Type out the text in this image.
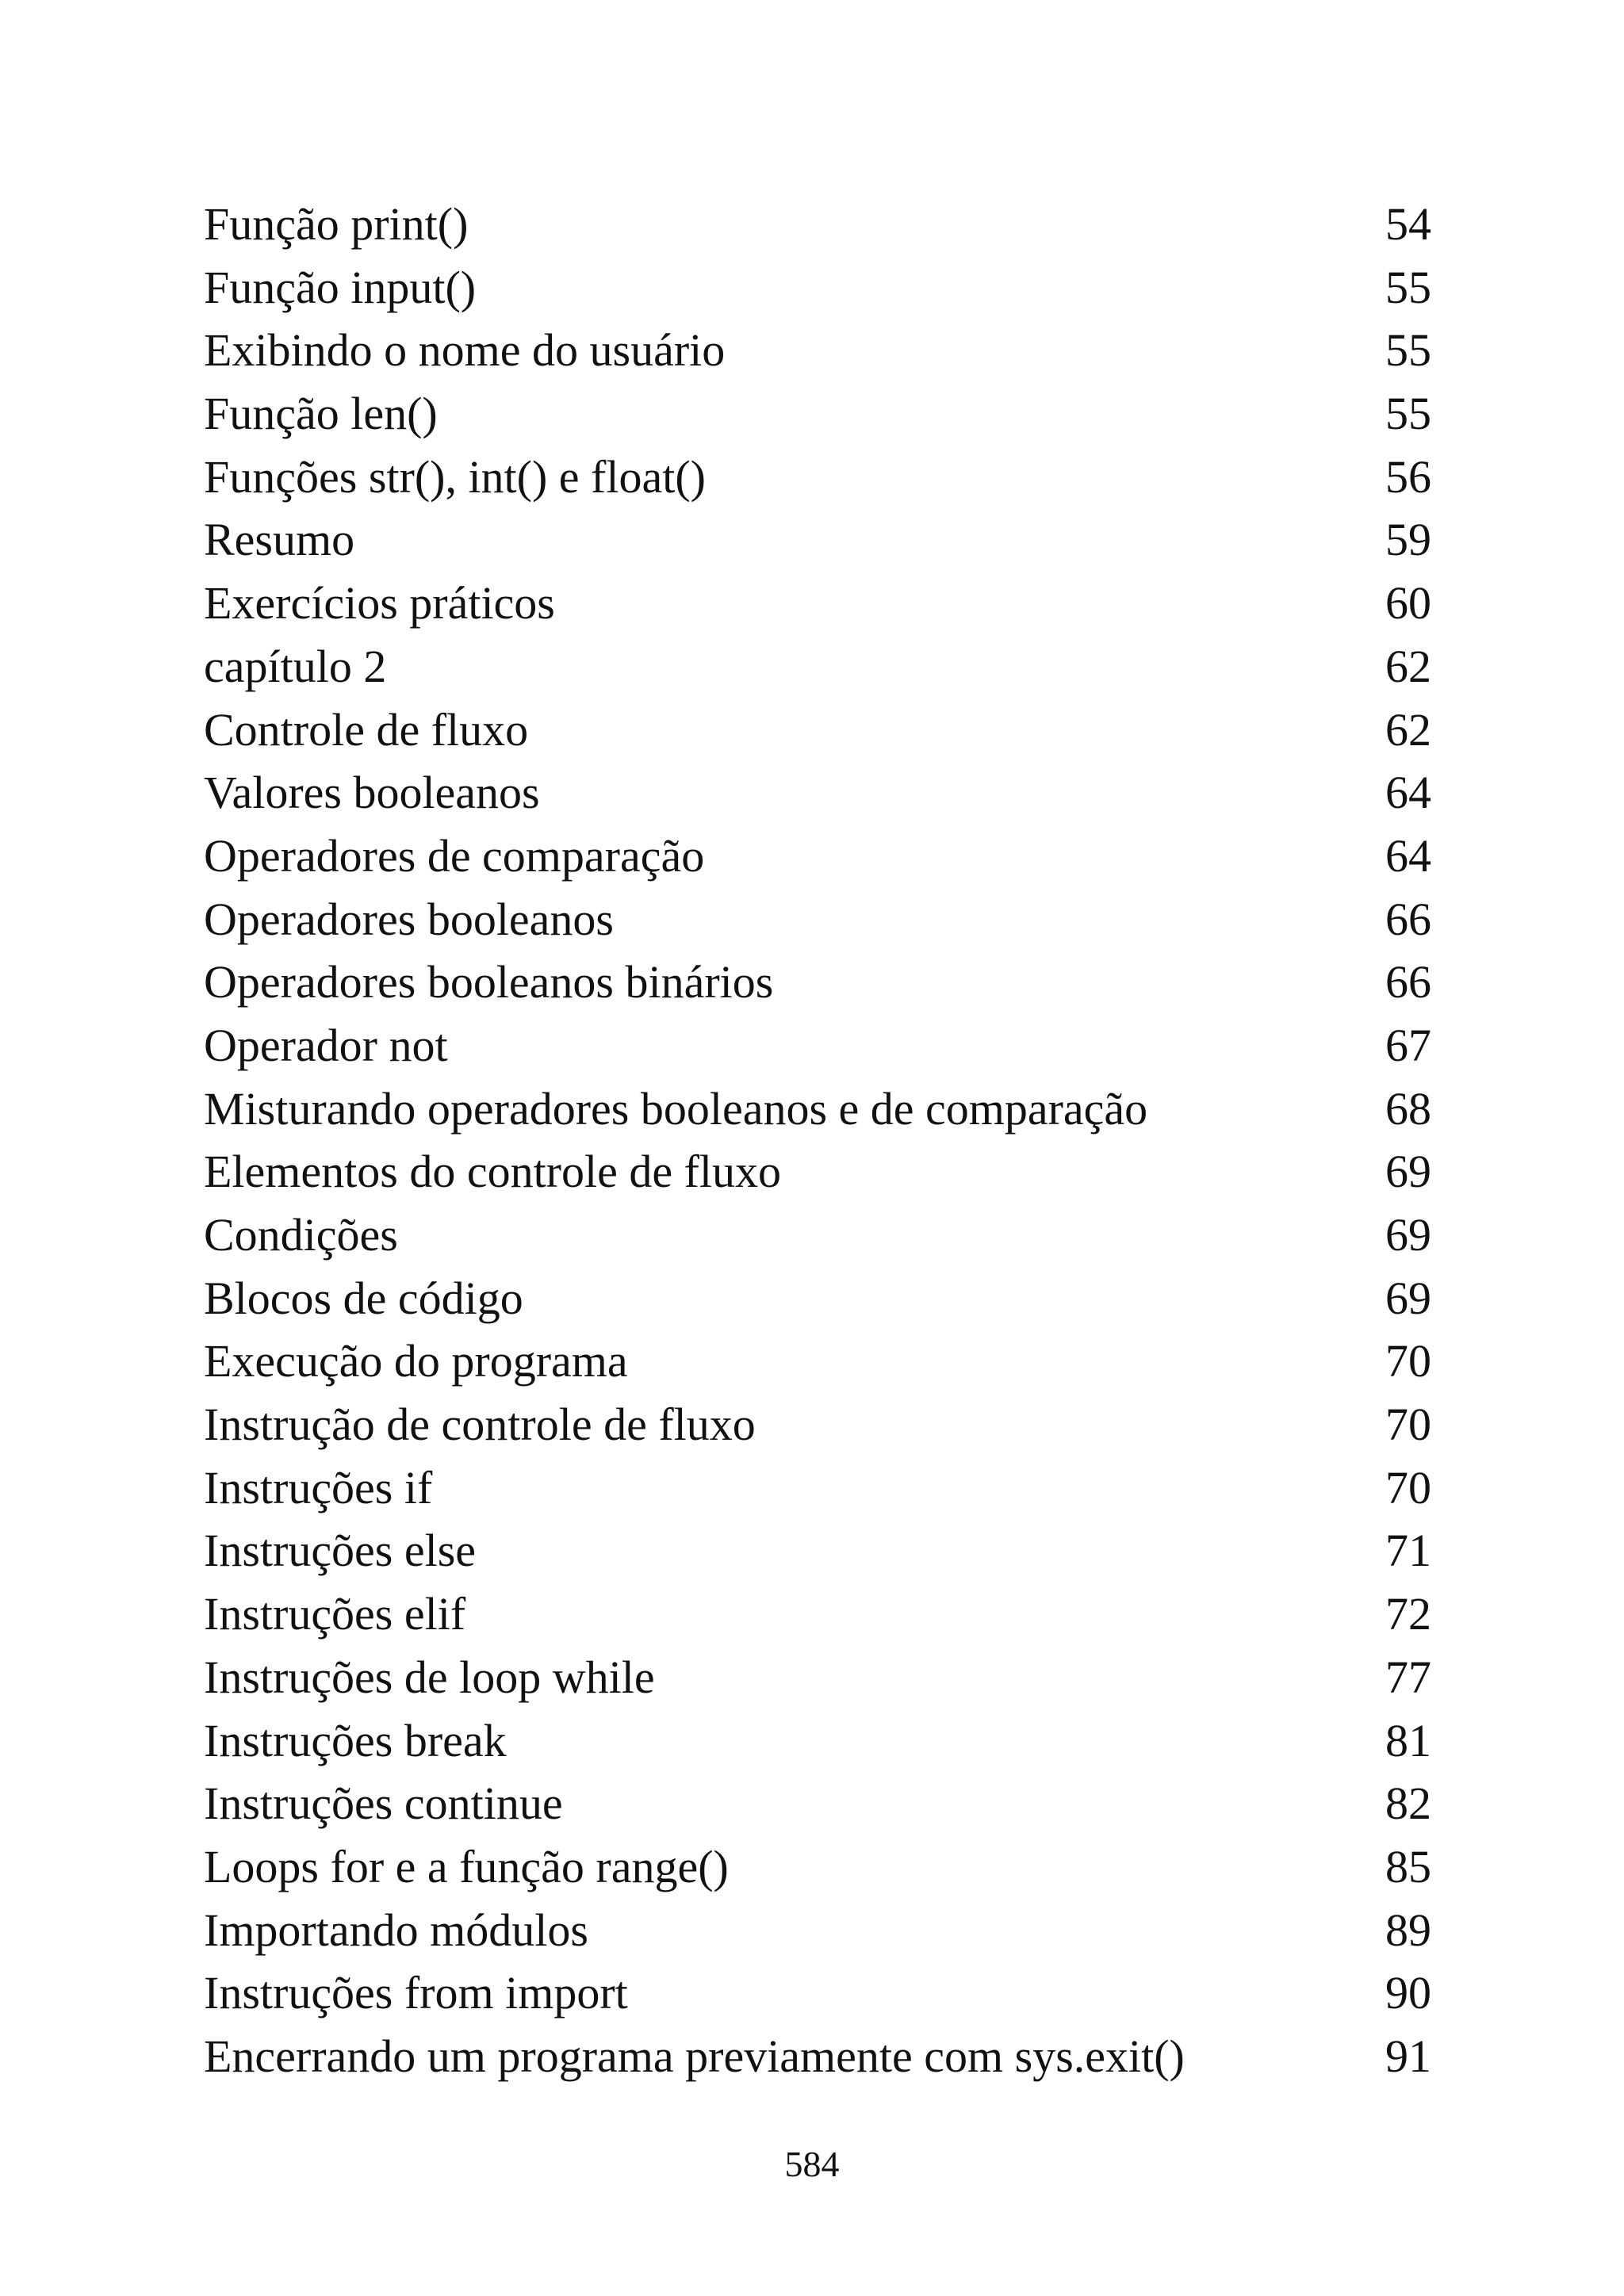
Função print()	54
Função input()	55
Exibindo o nome do usuário	55
Função len()	55
Funções str(), int() e float()	56
Resumo	59
Exercícios práticos	60
capítulo 2	62
Controle de fluxo	62
Valores booleanos	64
Operadores de comparação	64
Operadores booleanos	66
Operadores booleanos binários	66
Operador not	67
Misturando operadores booleanos e de comparação	68
Elementos do controle de fluxo	69
Condições	69
Blocos de código	69
Execução do programa	70
Instrução de controle de fluxo	70
Instruções if	70
Instruções else	71
Instruções elif	72
Instruções de loop while	77
Instruções break	81
Instruções continue	82
Loops for e a função range()	85
Importando módulos	89
Instruções from import	90
Encerrando um programa previamente com sys.exit()	91
584
